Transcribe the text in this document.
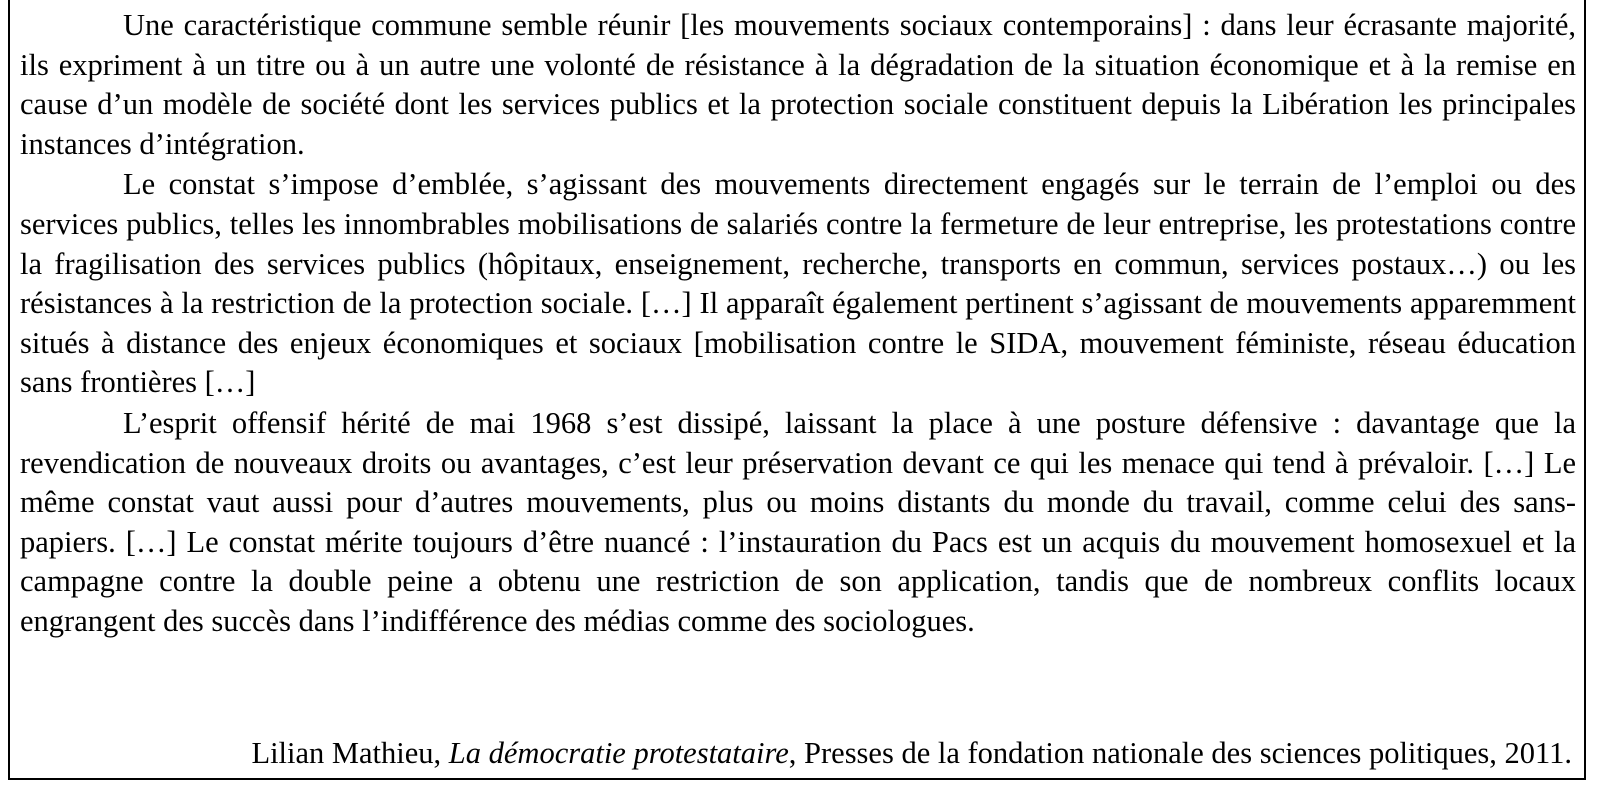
Une caractéristique commune semble réunir [les mouvements sociaux contemporains] : dans leur écrasante majorité, ils expriment à un titre ou à un autre une volonté de résistance à la dégradation de la situation économique et à la remise en cause d’un modèle de société dont les services publics et la protection sociale constituent depuis la Libération les principales instances d’intégration.

Le constat s’impose d’emblée, s’agissant des mouvements directement engagés sur le terrain de l’emploi ou des services publics, telles les innombrables mobilisations de salariés contre la fermeture de leur entreprise, les protestations contre la fragilisation des services publics (hôpitaux, enseignement, recherche, transports en commun, services postaux…) ou les résistances à la restriction de la protection sociale. […] Il apparaît également pertinent s’agissant de mouvements apparemment situés à distance des enjeux économiques et sociaux [mobilisation contre le SIDA, mouvement féministe, réseau éducation sans frontières […]

L’esprit offensif hérité de mai 1968 s’est dissipé, laissant la place à une posture défensive : davantage que la revendication de nouveaux droits ou avantages, c’est leur préservation devant ce qui les menace qui tend à prévaloir. […] Le même constat vaut aussi pour d’autres mouvements, plus ou moins distants du monde du travail, comme celui des sans-papiers. […] Le constat mérite toujours d’être nuancé : l’instauration du Pacs est un acquis du mouvement homosexuel et la campagne contre la double peine a obtenu une restriction de son application, tandis que de nombreux conflits locaux engrangent des succès dans l’indifférence des médias comme des sociologues.

Lilian Mathieu, La démocratie protestataire, Presses de la fondation nationale des sciences politiques, 2011.
